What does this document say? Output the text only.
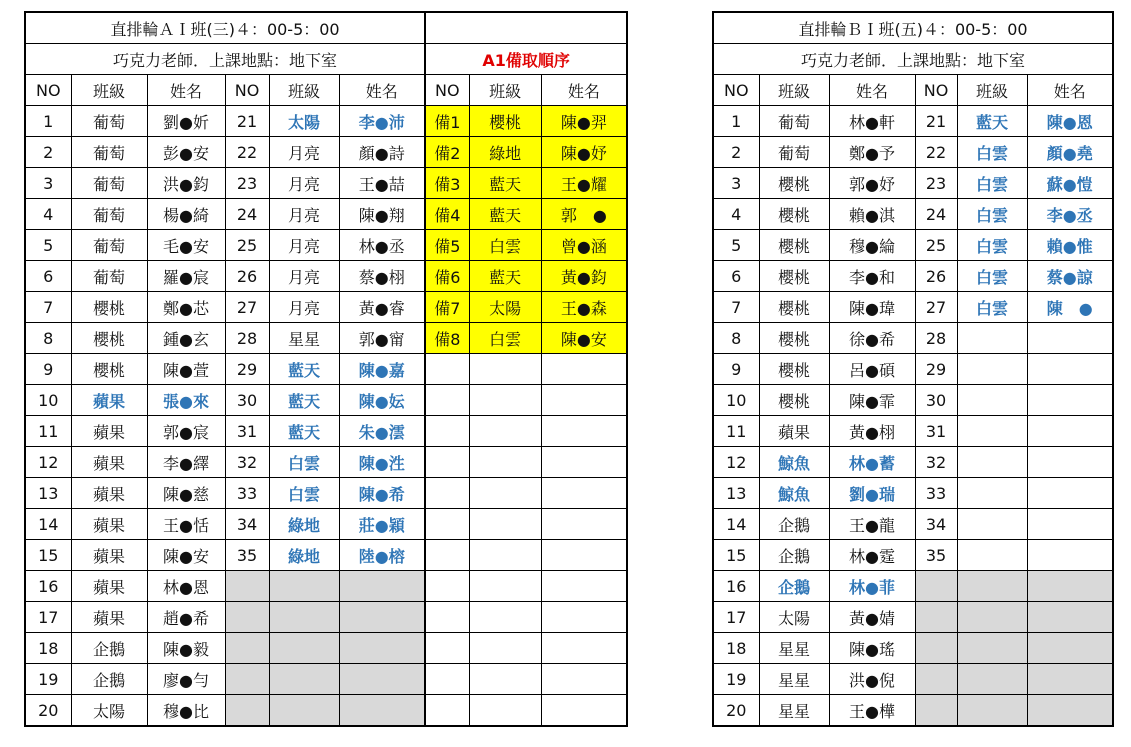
直排輪ＡＩ班(三)４：00-5：00								
巧克力老師．上課地點：地下室						A1備取順序		
NO	班級	姓名	NO	班級	姓名	NO	班級	姓名
1	葡萄	劉●妡	21	太陽	李●沛	備1	櫻桃	陳●羿
2	葡萄	彭●安	22	月亮	顏●詩	備2	綠地	陳●妤
3	葡萄	洪●鈞	23	月亮	王●喆	備3	藍天	王●耀
4	葡萄	楊●綺	24	月亮	陳●翔	備4	藍天	郭　●
5	葡萄	毛●安	25	月亮	林●丞	備5	白雲	曾●涵
6	葡萄	羅●宸	26	月亮	蔡●栩	備6	藍天	黃●鈞
7	櫻桃	鄭●芯	27	月亮	黃●睿	備7	太陽	王●森
8	櫻桃	鍾●玄	28	星星	郭●甯	備8	白雲	陳●安
9	櫻桃	陳●萱	29	藍天	陳●嘉			
10	蘋果	張●來	30	藍天	陳●妘			
11	蘋果	郭●宸	31	藍天	朱●澐			
12	蘋果	李●繹	32	白雲	陳●泩			
13	蘋果	陳●慈	33	白雲	陳●希			
14	蘋果	王●恬	34	綠地	莊●穎			
15	蘋果	陳●安	35	綠地	陸●榕			
16	蘋果	林●恩						
17	蘋果	趙●希						
18	企鵝	陳●毅						
19	企鵝	廖●勻						
20	太陽	穆●比						
直排輪ＢＩ班(五)４：00-5：00					
巧克力老師．上課地點：地下室					
NO	班級	姓名	NO	班級	姓名
1	葡萄	林●軒	21	藍天	陳●恩
2	葡萄	鄭●予	22	白雲	顏●堯
3	櫻桃	郭●妤	23	白雲	蘇●愷
4	櫻桃	賴●淇	24	白雲	李●丞
5	櫻桃	穆●綸	25	白雲	賴●惟
6	櫻桃	李●和	26	白雲	蔡●諒
7	櫻桃	陳●瑋	27	白雲	陳　●
8	櫻桃	徐●希	28		
9	櫻桃	呂●碩	29		
10	櫻桃	陳●霏	30		
11	蘋果	黃●栩	31		
12	鯨魚	林●蓄	32		
13	鯨魚	劉●瑞	33		
14	企鵝	王●龍	34		
15	企鵝	林●霆	35		
16	企鵝	林●菲			
17	太陽	黃●婧			
18	星星	陳●瑤			
19	星星	洪●倪			
20	星星	王●樺			
